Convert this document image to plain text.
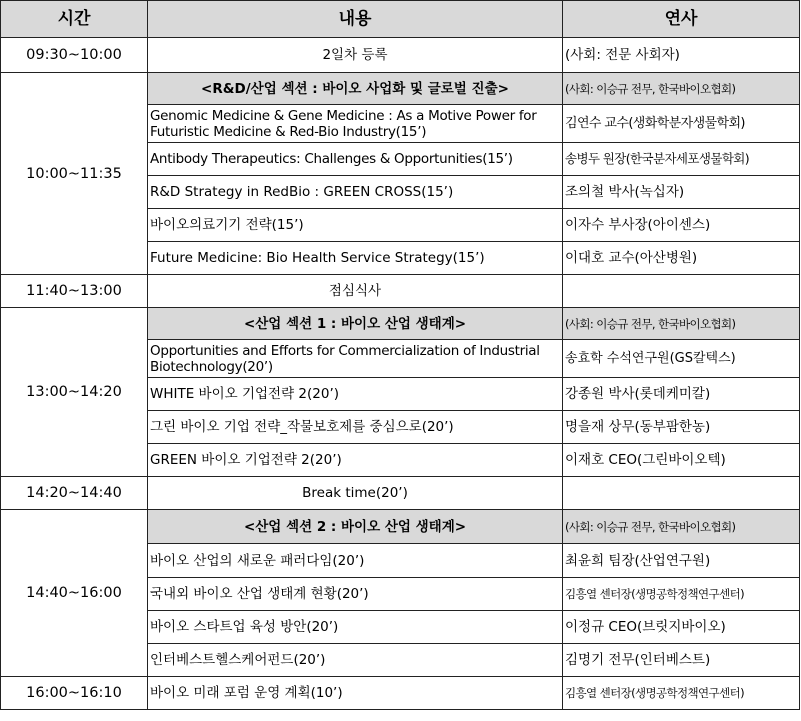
시간	내용	연사
09:30~10:00	2일차 등록	(사회: 전문 사회자)
10:00~11:35	<R&D/산업 섹션 : 바이오 사업화 및 글로벌 진출>	(사회: 이승규 전무, 한국바이오협회)
	Genomic Medicine & Gene Medicine : As a Motive Power for Futuristic Medicine & Red-Bio Industry(15’)	김연수 교수(생화학분자생물학회)
	Antibody Therapeutics: Challenges & Opportunities(15’)	송병두 원장(한국분자세포생물학회)
	R&D Strategy in RedBio : GREEN CROSS(15’)	조의철 박사(녹십자)
	바이오의료기기 전략(15’)	이자수 부사장(아이센스)
	Future Medicine: Bio Health Service Strategy(15’)	이대호 교수(아산병원)
11:40~13:00	점심식사	
13:00~14:20	<산업 섹션 1 : 바이오 산업 생태계>	(사회: 이승규 전무, 한국바이오협회)
	Opportunities and Efforts for Commercialization of Industrial Biotechnology(20’)	송효학 수석연구원(GS칼텍스)
	WHITE 바이오 기업전략 2(20’)	강종원 박사(롯데케미칼)
	그린 바이오 기업 전략_작물보호제를 중심으로(20’)	명을재 상무(동부팜한농)
	GREEN 바이오 기업전략 2(20’)	이재호 CEO(그린바이오텍)
14:20~14:40	Break time(20’)	
14:40~16:00	<산업 섹션 2 : 바이오 산업 생태계>	(사회: 이승규 전무, 한국바이오협회)
	바이오 산업의 새로운 패러다임(20’)	최윤희 팀장(산업연구원)
	국내외 바이오 산업 생태계 현황(20’)	김흥열 센터장(생명공학정책연구센터)
	바이오 스타트업 육성 방안(20’)	이정규 CEO(브릿지바이오)
	인터베스트헬스케어펀드(20’)	김명기 전무(인터베스트)
16:00~16:10	바이오 미래 포럼 운영 계획(10’)	김흥열 센터장(생명공학정책연구센터)
